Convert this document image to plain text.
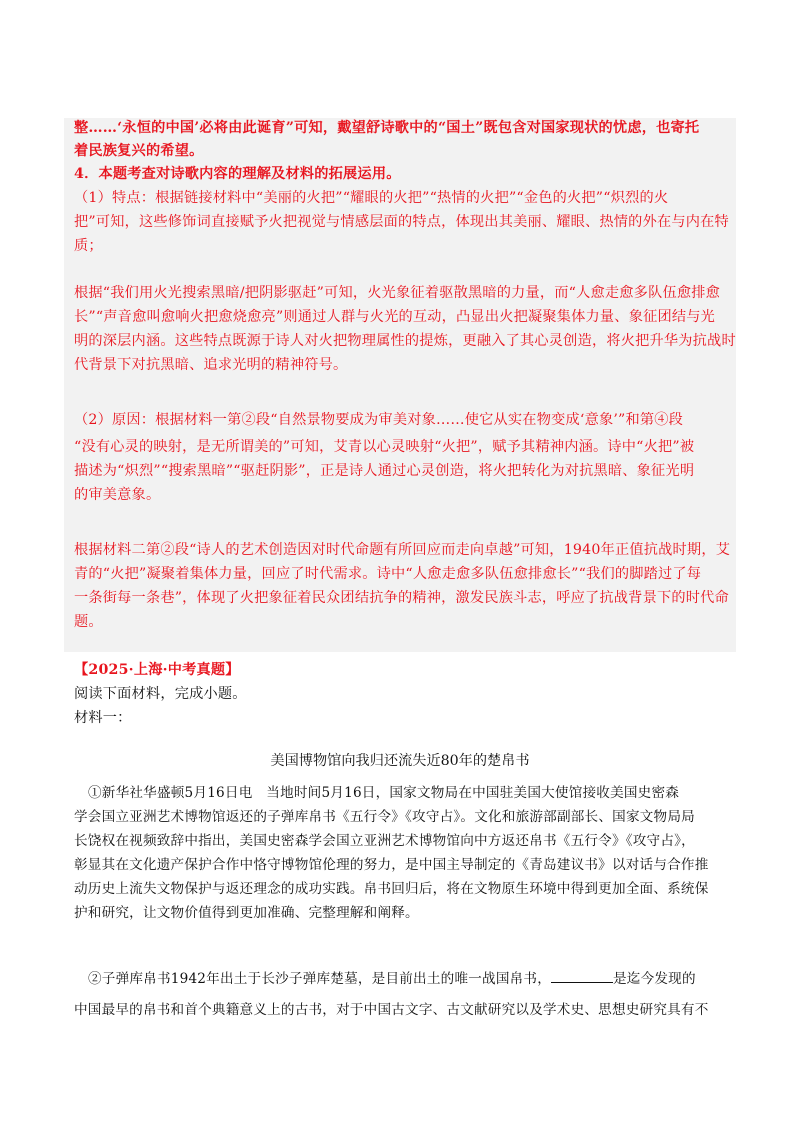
整……‘永恒的中国’必将由此诞育”可知，戴望舒诗歌中的“国土”既包含对国家现状的忧虑，也寄托
着民族复兴的希望。
4．本题考查对诗歌内容的理解及材料的拓展运用。
（1）特点：根据链接材料中“美丽的火把”“耀眼的火把”“热情的火把”“金色的火把”“炽烈的火
把”可知，这些修饰词直接赋予火把视觉与情感层面的特点，体现出其美丽、耀眼、热情的外在与内在特
质；
根据“我们用火光搜索黑暗/把阴影驱赶”可知，火光象征着驱散黑暗的力量，而“人愈走愈多队伍愈排愈
长”“声音愈叫愈响火把愈烧愈亮”则通过人群与火光的互动，凸显出火把凝聚集体力量、象征团结与光
明的深层内涵。这些特点既源于诗人对火把物理属性的提炼，更融入了其心灵创造，将火把升华为抗战时
代背景下对抗黑暗、追求光明的精神符号。
（2）原因：根据材料一第②段“自然景物要成为审美对象……使它从实在物变成‘意象’”和第④段
“没有心灵的映射，是无所谓美的”可知，艾青以心灵映射“火把”，赋予其精神内涵。诗中“火把”被
描述为“炽烈”“搜索黑暗”“驱赶阴影”，正是诗人通过心灵创造，将火把转化为对抗黑暗、象征光明
的审美意象。
根据材料二第②段“诗人的艺术创造因对时代命题有所回应而走向卓越”可知，1940年正值抗战时期，艾
青的“火把”凝聚着集体力量，回应了时代需求。诗中“人愈走愈多队伍愈排愈长”“我们的脚踏过了每
一条街每一条巷”，体现了火把象征着民众团结抗争的精神，激发民族斗志，呼应了抗战背景下的时代命
题。
【2025·上海·中考真题】
阅读下面材料，完成小题。
材料一：
美国博物馆向我归还流失近80年的楚帛书
①新华社华盛顿5月16日电　当地时间5月16日，国家文物局在中国驻美国大使馆接收美国史密森
学会国立亚洲艺术博物馆返还的子弹库帛书《五行令》《攻守占》。文化和旅游部副部长、国家文物局局
长饶权在视频致辞中指出，美国史密森学会国立亚洲艺术博物馆向中方返还帛书《五行令》《攻守占》，
彰显其在文化遗产保护合作中恪守博物馆伦理的努力，是中国主导制定的《青岛建议书》以对话与合作推
动历史上流失文物保护与返还理念的成功实践。帛书回归后，将在文物原生环境中得到更加全面、系统保
护和研究，让文物价值得到更加准确、完整理解和阐释。
②子弹库帛书1942年出土于长沙子弹库楚墓，是目前出土的唯一战国帛书，	是迄今发现的
中国最早的帛书和首个典籍意义上的古书，对于中国古文字、古文献研究以及学术史、思想史研究具有不
